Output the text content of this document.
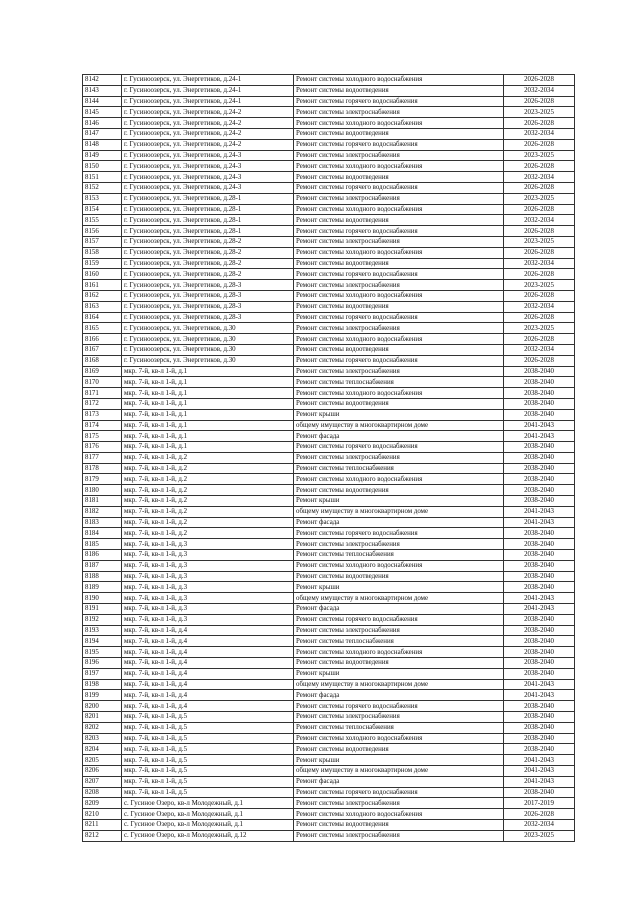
8142	г. Гусиноозерск, ул. Энергетиков, д.24-1	Ремонт системы холодного водоснабжения	2026-2028
8143	г. Гусиноозерск, ул. Энергетиков, д.24-1	Ремонт системы водоотведения	2032-2034
8144	г. Гусиноозерск, ул. Энергетиков, д.24-1	Ремонт системы горячего водоснабжения	2026-2028
8145	г. Гусиноозерск, ул. Энергетиков, д.24-2	Ремонт системы электроснабжения	2023-2025
8146	г. Гусиноозерск, ул. Энергетиков, д.24-2	Ремонт системы холодного водоснабжения	2026-2028
8147	г. Гусиноозерск, ул. Энергетиков, д.24-2	Ремонт системы водоотведения	2032-2034
8148	г. Гусиноозерск, ул. Энергетиков, д.24-2	Ремонт системы горячего водоснабжения	2026-2028
8149	г. Гусиноозерск, ул. Энергетиков, д.24-3	Ремонт системы электроснабжения	2023-2025
8150	г. Гусиноозерск, ул. Энергетиков, д.24-3	Ремонт системы холодного водоснабжения	2026-2028
8151	г. Гусиноозерск, ул. Энергетиков, д.24-3	Ремонт системы водоотведения	2032-2034
8152	г. Гусиноозерск, ул. Энергетиков, д.24-3	Ремонт системы горячего водоснабжения	2026-2028
8153	г. Гусиноозерск, ул. Энергетиков, д.28-1	Ремонт системы электроснабжения	2023-2025
8154	г. Гусиноозерск, ул. Энергетиков, д.28-1	Ремонт системы холодного водоснабжения	2026-2028
8155	г. Гусиноозерск, ул. Энергетиков, д.28-1	Ремонт системы водоотведения	2032-2034
8156	г. Гусиноозерск, ул. Энергетиков, д.28-1	Ремонт системы горячего водоснабжения	2026-2028
8157	г. Гусиноозерск, ул. Энергетиков, д.28-2	Ремонт системы электроснабжения	2023-2025
8158	г. Гусиноозерск, ул. Энергетиков, д.28-2	Ремонт системы холодного водоснабжения	2026-2028
8159	г. Гусиноозерск, ул. Энергетиков, д.28-2	Ремонт системы водоотведения	2032-2034
8160	г. Гусиноозерск, ул. Энергетиков, д.28-2	Ремонт системы горячего водоснабжения	2026-2028
8161	г. Гусиноозерск, ул. Энергетиков, д.28-3	Ремонт системы электроснабжения	2023-2025
8162	г. Гусиноозерск, ул. Энергетиков, д.28-3	Ремонт системы холодного водоснабжения	2026-2028
8163	г. Гусиноозерск, ул. Энергетиков, д.28-3	Ремонт системы водоотведения	2032-2034
8164	г. Гусиноозерск, ул. Энергетиков, д.28-3	Ремонт системы горячего водоснабжения	2026-2028
8165	г. Гусиноозерск, ул. Энергетиков, д.30	Ремонт системы электроснабжения	2023-2025
8166	г. Гусиноозерск, ул. Энергетиков, д.30	Ремонт системы холодного водоснабжения	2026-2028
8167	г. Гусиноозерск, ул. Энергетиков, д.30	Ремонт системы водоотведения	2032-2034
8168	г. Гусиноозерск, ул. Энергетиков, д.30	Ремонт системы горячего водоснабжения	2026-2028
8169	мкр. 7-й, кв-л 1-й, д.1	Ремонт системы электроснабжения	2038-2040
8170	мкр. 7-й, кв-л 1-й, д.1	Ремонт системы теплоснабжения	2038-2040
8171	мкр. 7-й, кв-л 1-й, д.1	Ремонт системы холодного водоснабжения	2038-2040
8172	мкр. 7-й, кв-л 1-й, д.1	Ремонт системы водоотведения	2038-2040
8173	мкр. 7-й, кв-л 1-й, д.1	Ремонт крыши	2038-2040
8174	мкр. 7-й, кв-л 1-й, д.1	общему имуществу в многоквартирном доме	2041-2043
8175	мкр. 7-й, кв-л 1-й, д.1	Ремонт фасада	2041-2043
8176	мкр. 7-й, кв-л 1-й, д.1	Ремонт системы горячего водоснабжения	2038-2040
8177	мкр. 7-й, кв-л 1-й, д.2	Ремонт системы электроснабжения	2038-2040
8178	мкр. 7-й, кв-л 1-й, д.2	Ремонт системы теплоснабжения	2038-2040
8179	мкр. 7-й, кв-л 1-й, д.2	Ремонт системы холодного водоснабжения	2038-2040
8180	мкр. 7-й, кв-л 1-й, д.2	Ремонт системы водоотведения	2038-2040
8181	мкр. 7-й, кв-л 1-й, д.2	Ремонт крыши	2038-2040
8182	мкр. 7-й, кв-л 1-й, д.2	общему имуществу в многоквартирном доме	2041-2043
8183	мкр. 7-й, кв-л 1-й, д.2	Ремонт фасада	2041-2043
8184	мкр. 7-й, кв-л 1-й, д.2	Ремонт системы горячего водоснабжения	2038-2040
8185	мкр. 7-й, кв-л 1-й, д.3	Ремонт системы электроснабжения	2038-2040
8186	мкр. 7-й, кв-л 1-й, д.3	Ремонт системы теплоснабжения	2038-2040
8187	мкр. 7-й, кв-л 1-й, д.3	Ремонт системы холодного водоснабжения	2038-2040
8188	мкр. 7-й, кв-л 1-й, д.3	Ремонт системы водоотведения	2038-2040
8189	мкр. 7-й, кв-л 1-й, д.3	Ремонт крыши	2038-2040
8190	мкр. 7-й, кв-л 1-й, д.3	общему имуществу в многоквартирном доме	2041-2043
8191	мкр. 7-й, кв-л 1-й, д.3	Ремонт фасада	2041-2043
8192	мкр. 7-й, кв-л 1-й, д.3	Ремонт системы горячего водоснабжения	2038-2040
8193	мкр. 7-й, кв-л 1-й, д.4	Ремонт системы электроснабжения	2038-2040
8194	мкр. 7-й, кв-л 1-й, д.4	Ремонт системы теплоснабжения	2038-2040
8195	мкр. 7-й, кв-л 1-й, д.4	Ремонт системы холодного водоснабжения	2038-2040
8196	мкр. 7-й, кв-л 1-й, д.4	Ремонт системы водоотведения	2038-2040
8197	мкр. 7-й, кв-л 1-й, д.4	Ремонт крыши	2038-2040
8198	мкр. 7-й, кв-л 1-й, д.4	общему имуществу в многоквартирном доме	2041-2043
8199	мкр. 7-й, кв-л 1-й, д.4	Ремонт фасада	2041-2043
8200	мкр. 7-й, кв-л 1-й, д.4	Ремонт системы горячего водоснабжения	2038-2040
8201	мкр. 7-й, кв-л 1-й, д.5	Ремонт системы электроснабжения	2038-2040
8202	мкр. 7-й, кв-л 1-й, д.5	Ремонт системы теплоснабжения	2038-2040
8203	мкр. 7-й, кв-л 1-й, д.5	Ремонт системы холодного водоснабжения	2038-2040
8204	мкр. 7-й, кв-л 1-й, д.5	Ремонт системы водоотведения	2038-2040
8205	мкр. 7-й, кв-л 1-й, д.5	Ремонт крыши	2041-2043
8206	мкр. 7-й, кв-л 1-й, д.5	общему имуществу в многоквартирном доме	2041-2043
8207	мкр. 7-й, кв-л 1-й, д.5	Ремонт фасада	2041-2043
8208	мкр. 7-й, кв-л 1-й, д.5	Ремонт системы горячего водоснабжения	2038-2040
8209	с. Гусиное Озеро, кв-л Молодежный, д.1	Ремонт системы электроснабжения	2017-2019
8210	с. Гусиное Озеро, кв-л Молодежный, д.1	Ремонт системы холодного водоснабжения	2026-2028
8211	с. Гусиное Озеро, кв-л Молодежный, д.1	Ремонт системы водоотведения	2032-2034
8212	с. Гусиное Озеро, кв-л Молодежный, д.12	Ремонт системы электроснабжения	2023-2025
